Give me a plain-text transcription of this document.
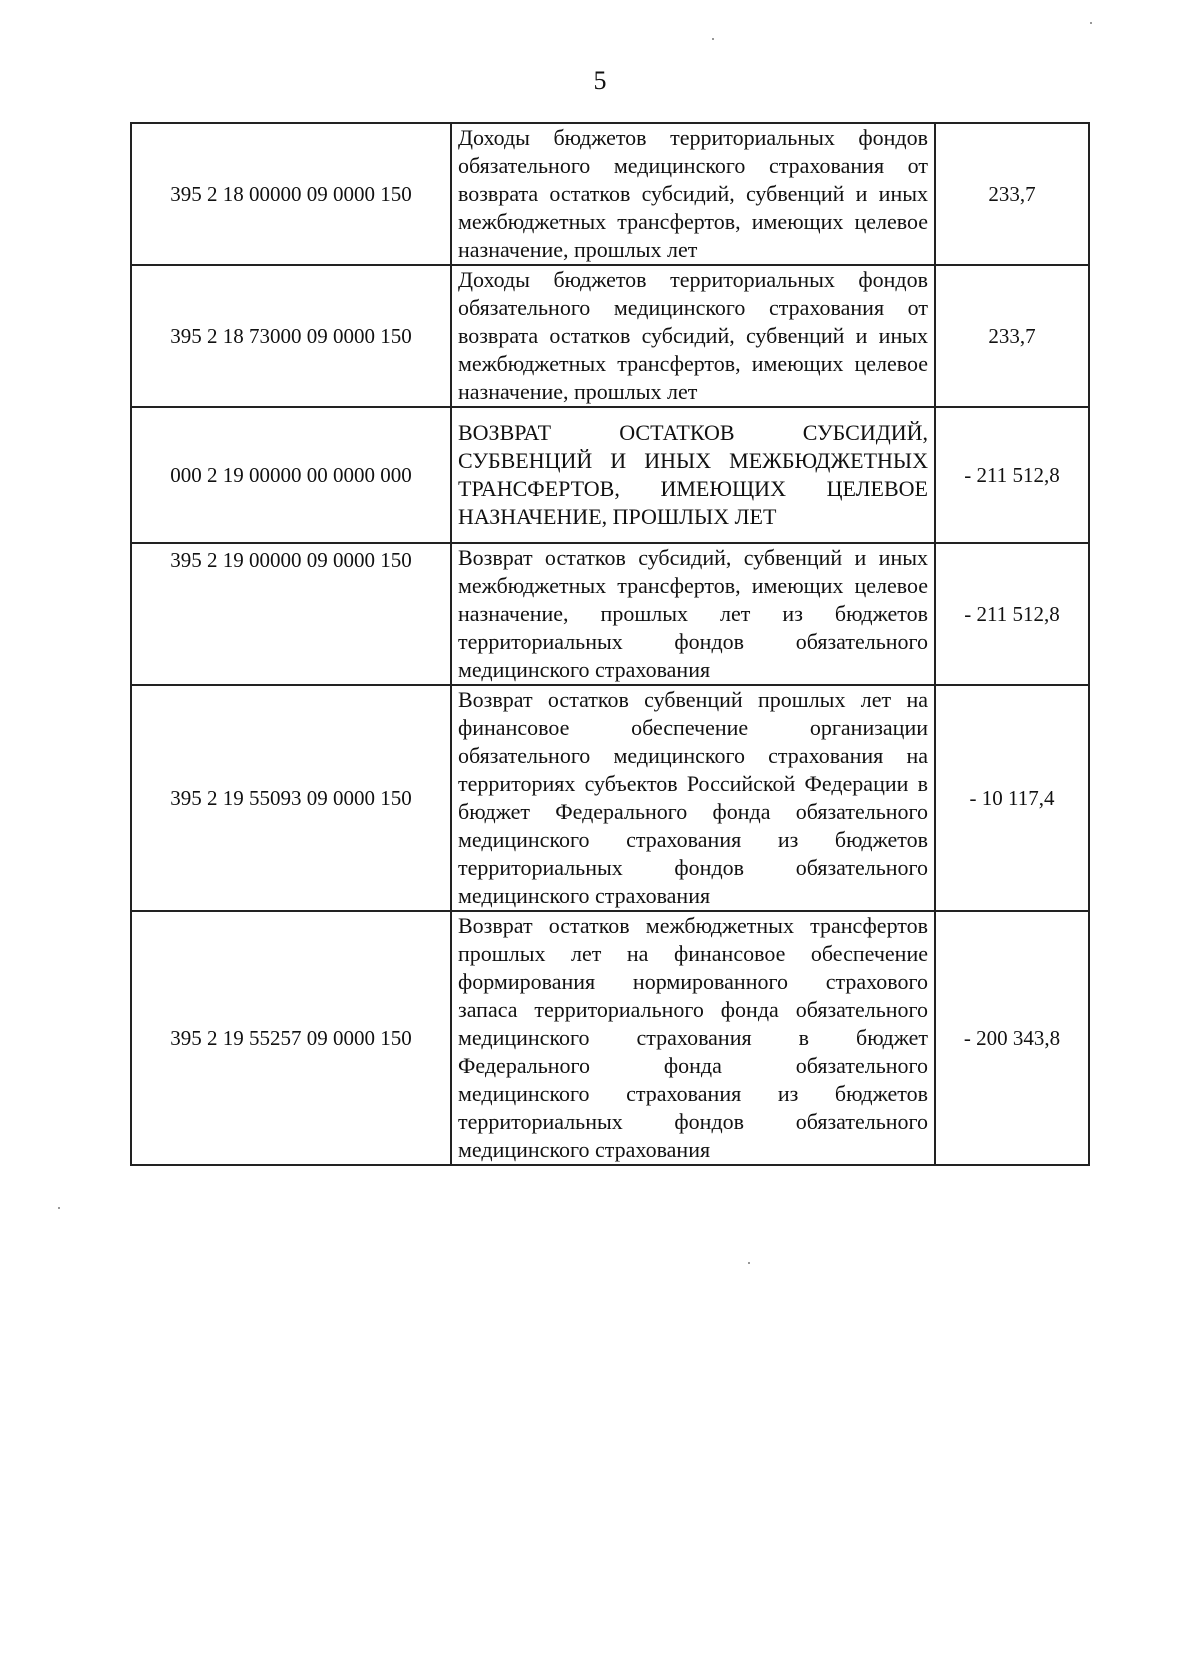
5
395 2 18 00000 09 0000 150	Доходы бюджетов территориальных фондов обязательного медицинского страхования от возврата остатков субсидий, субвенций и иных межбюджетных трансфертов, имеющих целевое назначение, прошлых лет	233,7
395 2 18 73000 09 0000 150	Доходы бюджетов территориальных фондов обязательного медицинского страхования от возврата остатков субсидий, субвенций и иных межбюджетных трансфертов, имеющих целевое назначение, прошлых лет	233,7
000 2 19 00000 00 0000 000	ВОЗВРАТ ОСТАТКОВ СУБСИДИЙ, СУБВЕНЦИЙ И ИНЫХ МЕЖБЮДЖЕТНЫХ ТРАНСФЕРТОВ, ИМЕЮЩИХ ЦЕЛЕВОЕ НАЗНАЧЕНИЕ, ПРОШЛЫХ ЛЕТ	- 211 512,8
395 2 19 00000 09 0000 150	Возврат остатков субсидий, субвенций и иных межбюджетных трансфертов, имеющих целевое назначение, прошлых лет из бюджетов территориальных фондов обязательного медицинского страхования	- 211 512,8
395 2 19 55093 09 0000 150	Возврат остатков субвенций прошлых лет на финансовое обеспечение организации обязательного медицинского страхования на территориях субъектов Российской Федерации в бюджет Федерального фонда обязательного медицинского страхования из бюджетов территориальных фондов обязательного медицинского страхования	- 10 117,4
395 2 19 55257 09 0000 150	Возврат остатков межбюджетных трансфертов прошлых лет на финансовое обеспечение формирования нормированного страхового запаса территориального фонда обязательного медицинского страхования в бюджет Федерального фонда обязательного медицинского страхования из бюджетов территориальных фондов обязательного медицинского страхования	- 200 343,8
